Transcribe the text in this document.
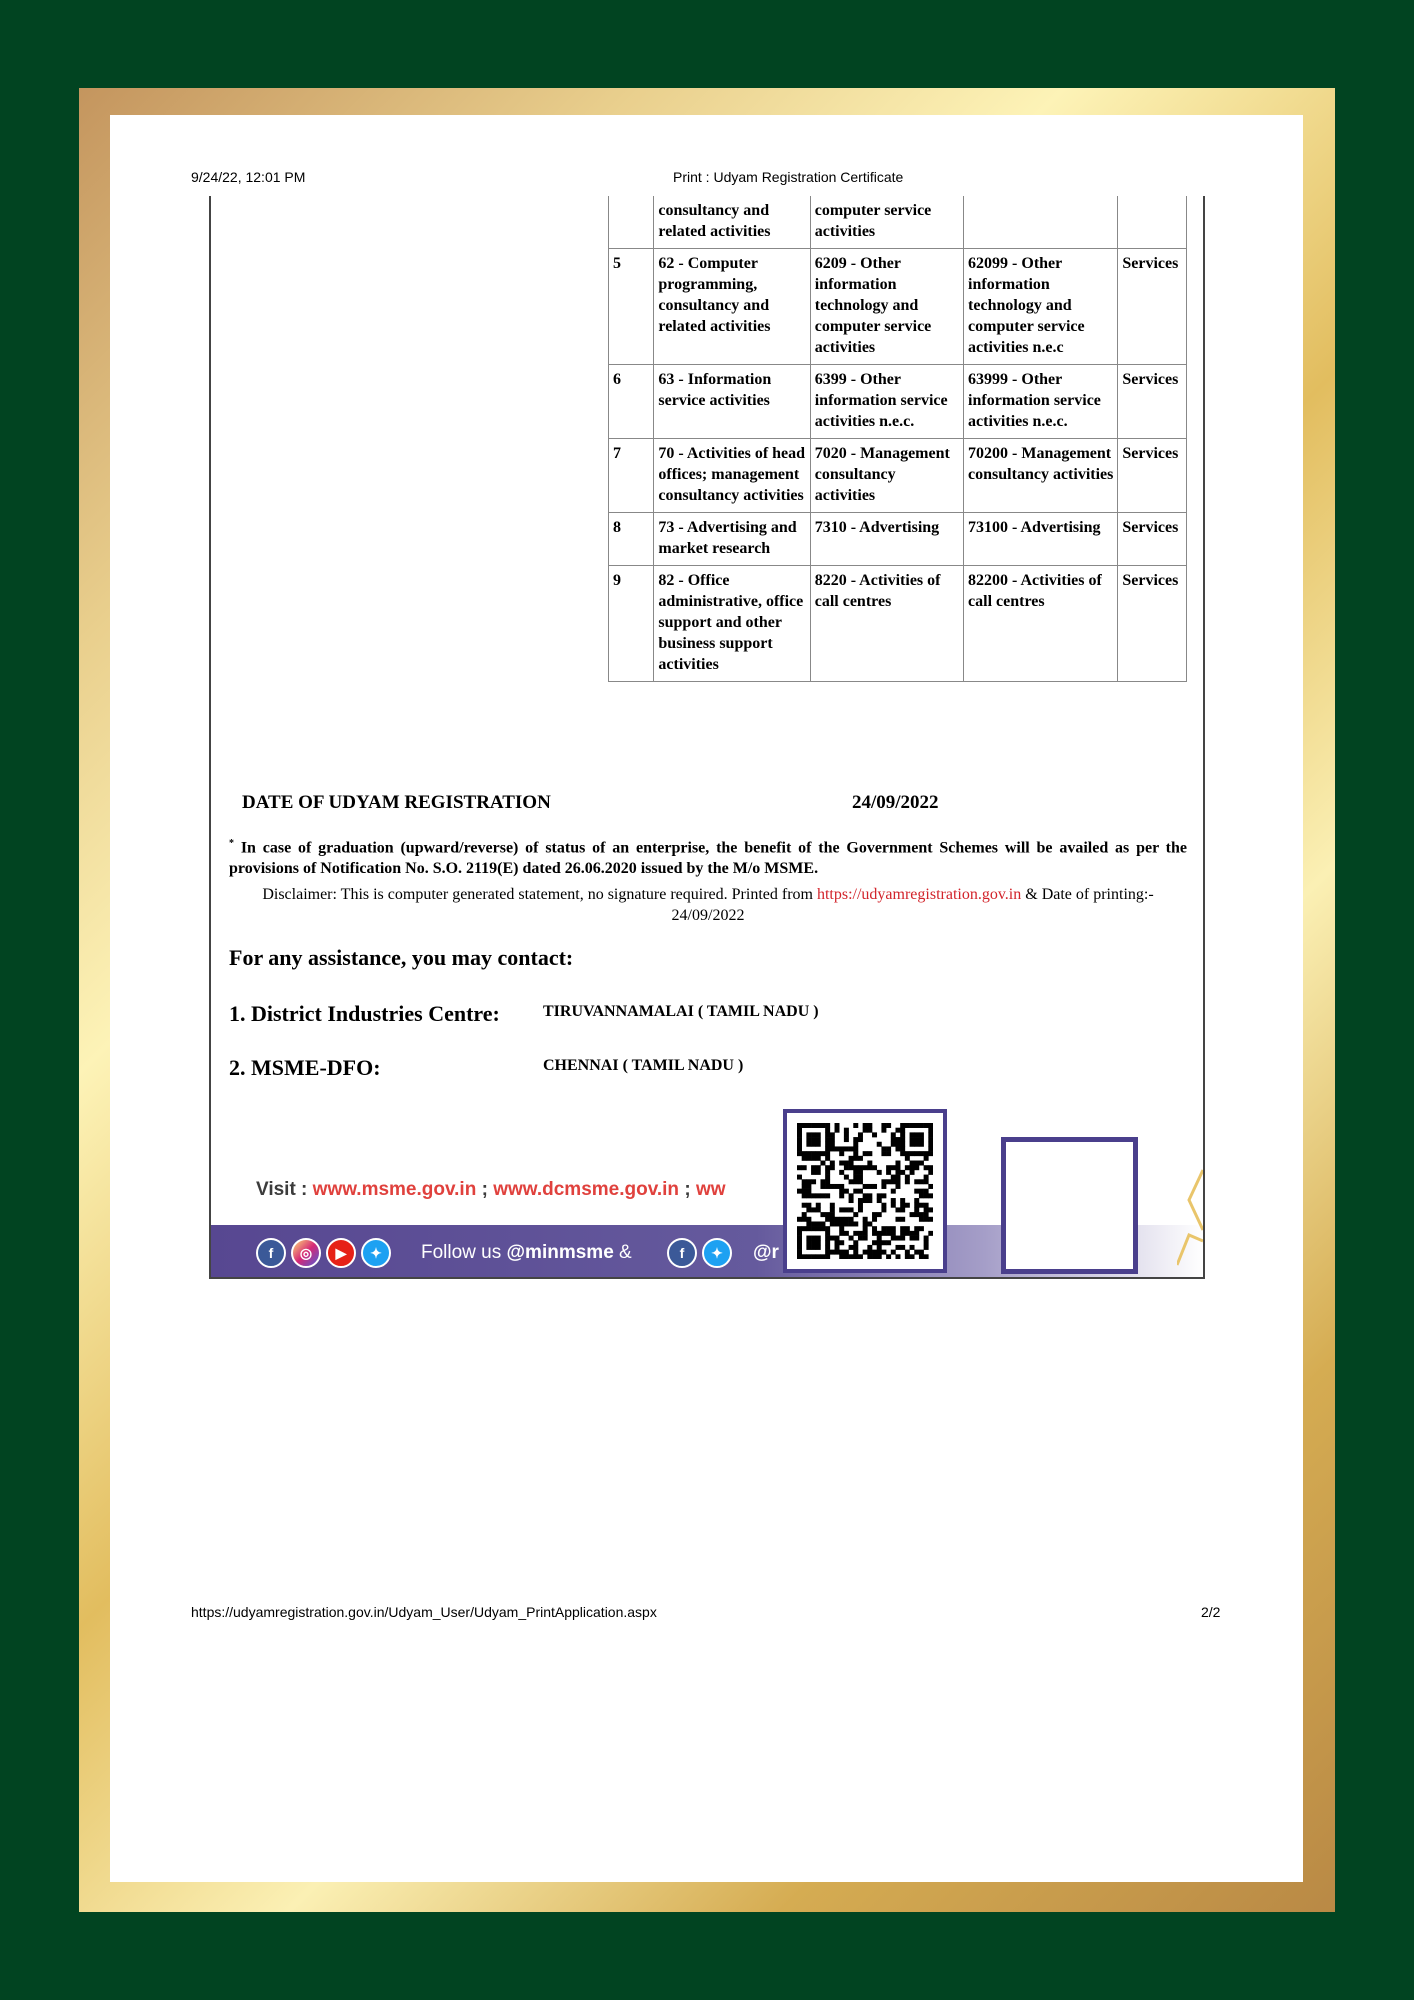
9/24/22, 12:01 PM	Print : Udyam Registration Certificate
	consultancy and related activities	computer service activities		
5	62 - Computer programming, consultancy and related activities	6209 - Other information technology and computer service activities	62099 - Other information technology and computer service activities n.e.c	Services
6	63 - Information service activities	6399 - Other information service activities n.e.c.	63999 - Other information service activities n.e.c.	Services
7	70 - Activities of head offices; management consultancy activities	7020 - Management consultancy activities	70200 - Management consultancy activities	Services
8	73 - Advertising and market research	7310 - Advertising	73100 - Advertising	Services
9	82 - Office administrative, office support and other business support activities	8220 - Activities of call centres	82200 - Activities of call centres	Services
DATE OF UDYAM REGISTRATION	24/09/2022
* In case of graduation (upward/reverse) of status of an enterprise, the benefit of the Government Schemes will be availed as per the provisions of Notification No. S.O. 2119(E) dated 26.06.2020 issued by the M/o MSME.
Disclaimer: This is computer generated statement, no signature required. Printed from https://udyamregistration.gov.in & Date of printing:- 24/09/2022
For any assistance, you may contact:
1. District Industries Centre:	TIRUVANNAMALAI ( TAMIL NADU )
2. MSME-DFO:	CHENNAI ( TAMIL NADU )
Visit : www.msme.gov.in ; www.dcmsme.gov.in ; ww
f	◎	▶	✦	Follow us @minmsme &	f	✦	@r
https://udyamregistration.gov.in/Udyam_User/Udyam_PrintApplication.aspx	2/2
